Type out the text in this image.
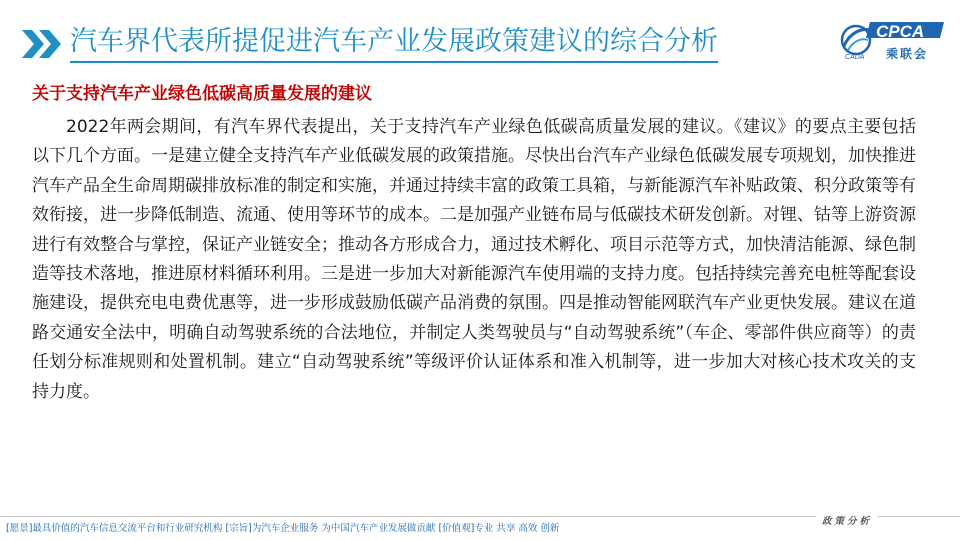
汽车界代表所提促进汽车产业发展政策建议的综合分析	CPCA
乘联会
CADA
关于支持汽车产业绿色低碳高质量发展的建议

2022年两会期间，有汽车界代表提出，关于支持汽车产业绿色低碳高质量发展的建议。《建议》的要点主要包括以下几个方面。一是建立健全支持汽车产业低碳发展的政策措施。尽快出台汽车产业绿色低碳发展专项规划，加快推进汽车产品全生命周期碳排放标准的制定和实施，并通过持续丰富的政策工具箱，与新能源汽车补贴政策、积分政策等有效衔接，进一步降低制造、流通、使用等环节的成本。二是加强产业链布局与低碳技术研发创新。对锂、钴等上游资源进行有效整合与掌控，保证产业链安全；推动各方形成合力，通过技术孵化、项目示范等方式，加快清洁能源、绿色制造等技术落地，推进原材料循环利用。三是进一步加大对新能源汽车使用端的支持力度。包括持续完善充电桩等配套设施建设，提供充电电费优惠等，进一步形成鼓励低碳产品消费的氛围。四是推动智能网联汽车产业更快发展。建议在道路交通安全法中，明确自动驾驶系统的合法地位，并制定人类驾驶员与“自动驾驶系统”（车企、零部件供应商等）的责任划分标准规则和处置机制。建立“自动驾驶系统”等级评价认证体系和准入机制等，进一步加大对核心技术攻关的支持力度。

[愿景]最具价值的汽车信息交流平台和行业研究机构 [宗旨]为汽车企业服务 为中国汽车产业发展做贡献 [价值观]专业 共享 高效 创新
政策分析
